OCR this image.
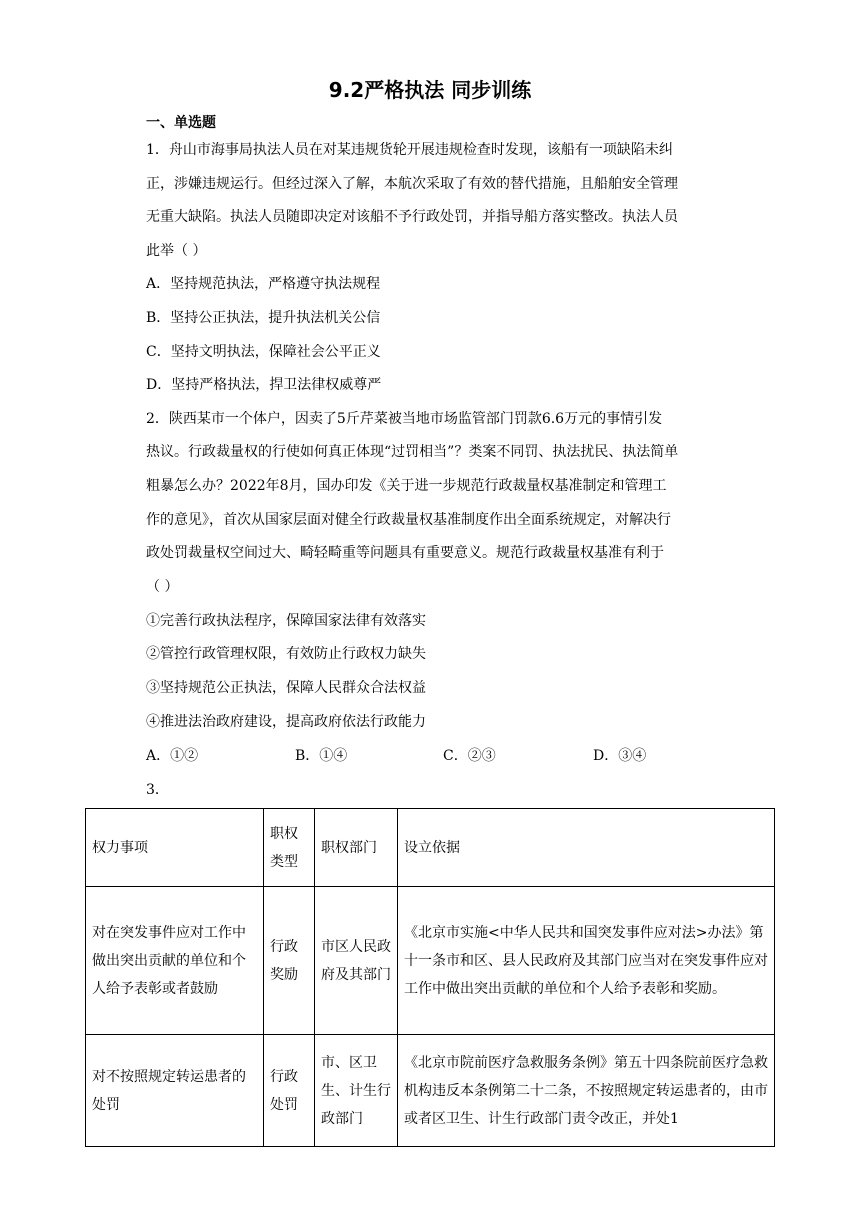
9.2严格执法 同步训练
一、单选题
1．舟山市海事局执法人员在对某违规货轮开展违规检查时发现，该船有一项缺陷未纠
正，涉嫌违规运行。但经过深入了解，本航次采取了有效的替代措施，且船舶安全管理
无重大缺陷。执法人员随即决定对该船不予行政处罚，并指导船方落实整改。执法人员
此举（ ）
A．坚持规范执法，严格遵守执法规程
B．坚持公正执法，提升执法机关公信
C．坚持文明执法，保障社会公平正义
D．坚持严格执法，捍卫法律权威尊严
2．陕西某市一个体户，因卖了5斤芹菜被当地市场监管部门罚款6.6万元的事情引发
热议。行政裁量权的行使如何真正体现“过罚相当”？类案不同罚、执法扰民、执法简单
粗暴怎么办？2022年8月，国办印发《关于进一步规范行政裁量权基准制定和管理工
作的意见》，首次从国家层面对健全行政裁量权基准制度作出全面系统规定，对解决行
政处罚裁量权空间过大、畸轻畸重等问题具有重要意义。规范行政裁量权基准有利于
（ ）
①完善行政执法程序，保障国家法律有效落实
②管控行政管理权限，有效防止行政权力缺失
③坚持规范公正执法，保障人民群众合法权益
④推进法治政府建设，提高政府依法行政能力
A．①②	B．①④	C．②③	D．③④
3．
权力事项	职权类型	职权部门	设立依据
对在突发事件应对工作中做出突出贡献的单位和个人给予表彰或者鼓励	行政奖励	市区人民政府及其部门	《北京市实施<中华人民共和国突发事件应对法>办法》第十一条市和区、县人民政府及其部门应当对在突发事件应对工作中做出突出贡献的单位和个人给予表彰和奖励。
对不按照规定转运患者的处罚	行政处罚	市、区卫生、计生行政部门	《北京市院前医疗急救服务条例》第五十四条院前医疗急救机构违反本条例第二十二条，不按照规定转运患者的，由市或者区卫生、计生行政部门责令改正，并处1
